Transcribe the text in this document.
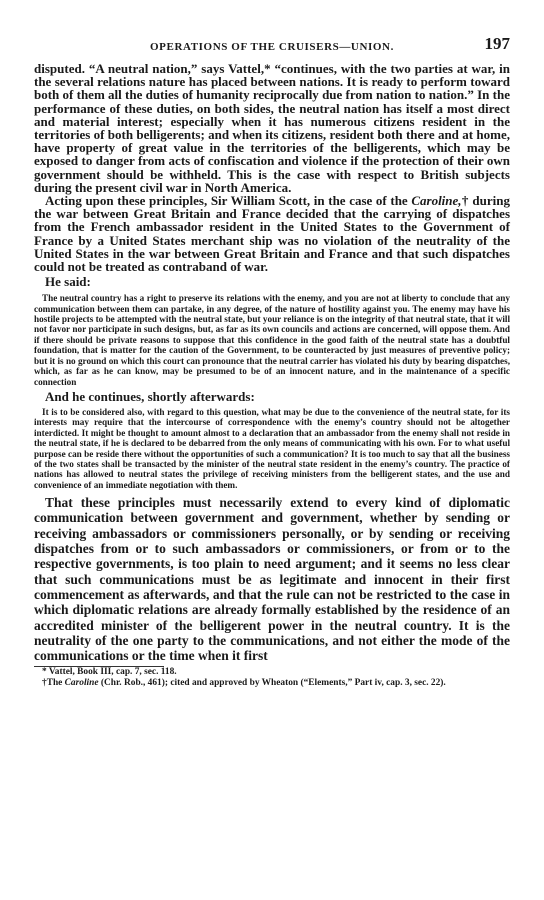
OPERATIONS OF THE CRUISERS—UNION.	197

disputed. “A neutral nation,” says Vattel,* “continues, with the two parties at war, in the several relations nature has placed between nations. It is ready to perform toward both of them all the duties of humanity reciprocally due from nation to nation.” In the performance of these duties, on both sides, the neutral nation has itself a most direct and material interest; especially when it has numerous citizens resident in the territories of both belligerents; and when its citizens, resident both there and at home, have property of great value in the territories of the belligerents, which may be exposed to danger from acts of confiscation and violence if the protection of their own government should be withheld. This is the case with respect to British subjects during the present civil war in North America.

Acting upon these principles, Sir William Scott, in the case of the Caroline,† during the war between Great Britain and France decided that the carrying of dispatches from the French ambassador resident in the United States to the Government of France by a United States merchant ship was no violation of the neutrality of the United States in the war between Great Britain and France and that such dispatches could not be treated as contraband of war.

He said:

The neutral country has a right to preserve its relations with the enemy, and you are not at liberty to conclude that any communication between them can partake, in any degree, of the nature of hostility against you. The enemy may have his hostile projects to be attempted with the neutral state, but your reliance is on the integrity of that neutral state, that it will not favor nor participate in such designs, but, as far as its own councils and actions are concerned, will oppose them. And if there should be private reasons to suppose that this confidence in the good faith of the neutral state has a doubtful foundation, that is matter for the caution of the Government, to be counteracted by just measures of preventive policy; but it is no ground on which this court can pronounce that the neutral carrier has violated his duty by bearing dispatches, which, as far as he can know, may be presumed to be of an innocent nature, and in the maintenance of a specific connection

And he continues, shortly afterwards:

It is to be considered also, with regard to this question, what may be due to the convenience of the neutral state, for its interests may require that the intercourse of correspondence with the enemy’s country should not be altogether interdicted. It might be thought to amount almost to a declaration that an ambassador from the enemy shall not reside in the neutral state, if he is declared to be debarred from the only means of communicating with his own. For to what useful purpose can be reside there without the opportunities of such a communication? It is too much to say that all the business of the two states shall be transacted by the minister of the neutral state resident in the enemy’s country. The practice of nations has allowed to neutral states the privilege of receiving ministers from the belligerent states, and the use and convenience of an immediate negotiation with them.

That these principles must necessarily extend to every kind of diplomatic communication between government and government, whether by sending or receiving ambassadors or commissioners personally, or by sending or receiving dispatches from or to such ambassadors or commissioners, or from or to the respective governments, is too plain to need argument; and it seems no less clear that such communications must be as legitimate and innocent in their first commencement as afterwards, and that the rule can not be restricted to the case in which diplomatic relations are already formally established by the residence of an accredited minister of the belligerent power in the neutral country. It is the neutrality of the one party to the communications, and not either the mode of the communications or the time when it first

* Vattel, Book III, cap. 7, sec. 118.

†The Caroline (Chr. Rob., 461); cited and approved by Wheaton (“Elements,” Part iv, cap. 3, sec. 22).
